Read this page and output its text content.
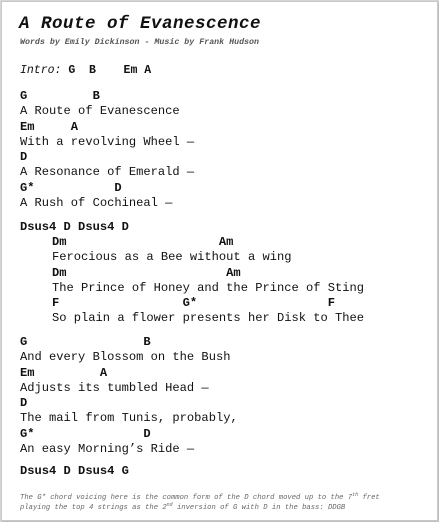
A Route of Evanescence
Words by Emily Dickinson - Music by Frank Hudson
Intro: G  B    Em A
G         B
A Route of Evanescence
Em     A
With a revolving Wheel —
D
A Resonance of Emerald —
G*           D
A Rush of Cochineal —
Dsus4 D Dsus4 D
Dm                     Am
Ferocious as a Bee without a wing
Dm                      Am
The Prince of Honey and the Prince of Sting
F                 G*                  F
So plain a flower presents her Disk to Thee
G                B
And every Blossom on the Bush
Em         A
Adjusts its tumbled Head —
D
The mail from Tunis, probably,
G*               D
An easy Morning’s Ride —
Dsus4 D Dsus4 G
The G* chord voicing here is the common form of the D chord moved up to the 7th fret
playing the top 4 strings as the 2nd inversion of G with D in the bass: DDGB
